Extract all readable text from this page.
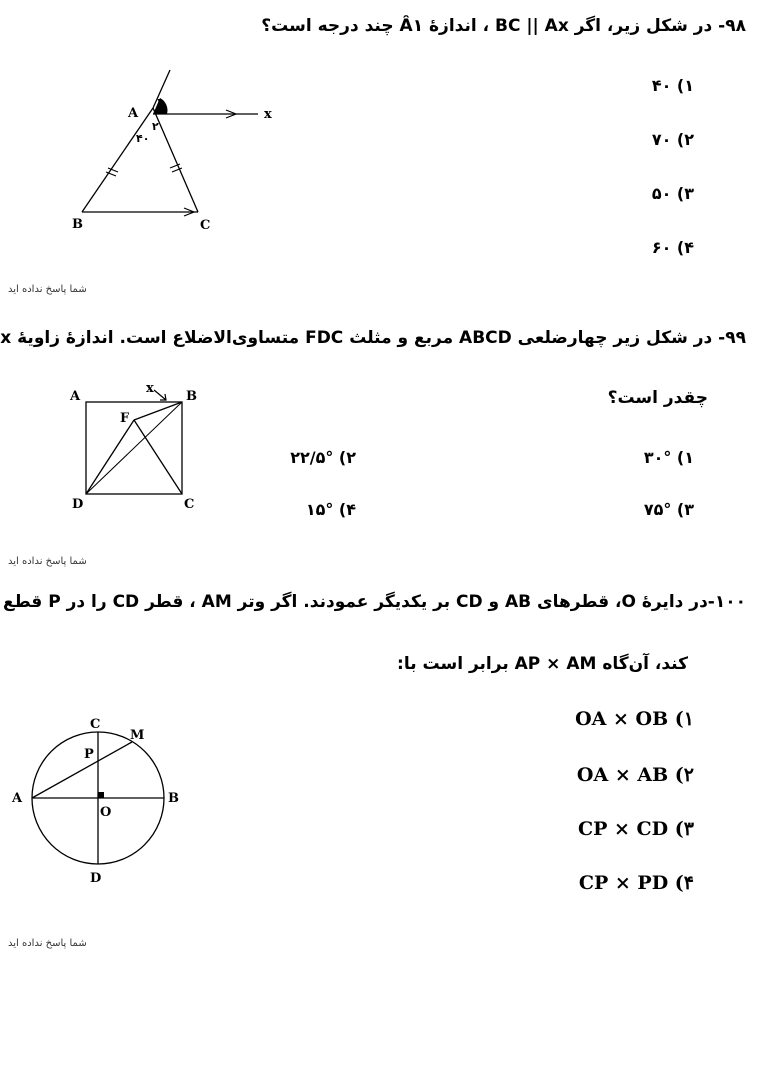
۹۸- در شکل زیر، اگر BC || Ax ، اندازهٔ Â۱ چند درجه است؟
A
B	C
x
۱
۲
۴۰
۱) ۴۰
۲) ۷۰
۳) ۵۰
۴) ۶۰
شما پاسخ نداده اید
۹۹- در شکل زیر چهارضلعی ABCD مربع و مثلث FDC متساوی‌الاضلاع است. اندازهٔ زاویهٔ x
چقدر است؟
A	B
C
D
F
x
۱) ۳۰°
۲) ۲۲/۵°
۳) ۷۵°
۴) ۱۵°
شما پاسخ نداده اید
۱۰۰-در دایرهٔ O، قطرهای AB و CD بر یکدیگر عمودند. اگر وتر AM ، قطر CD را در P قطع
کند، آن‌گاه AP × AM برابر است با:
A	B
C
D
O
P
M
۱) OA × OB
۲) OA × AB
۳) CP × CD
۴) CP × PD
شما پاسخ نداده اید
